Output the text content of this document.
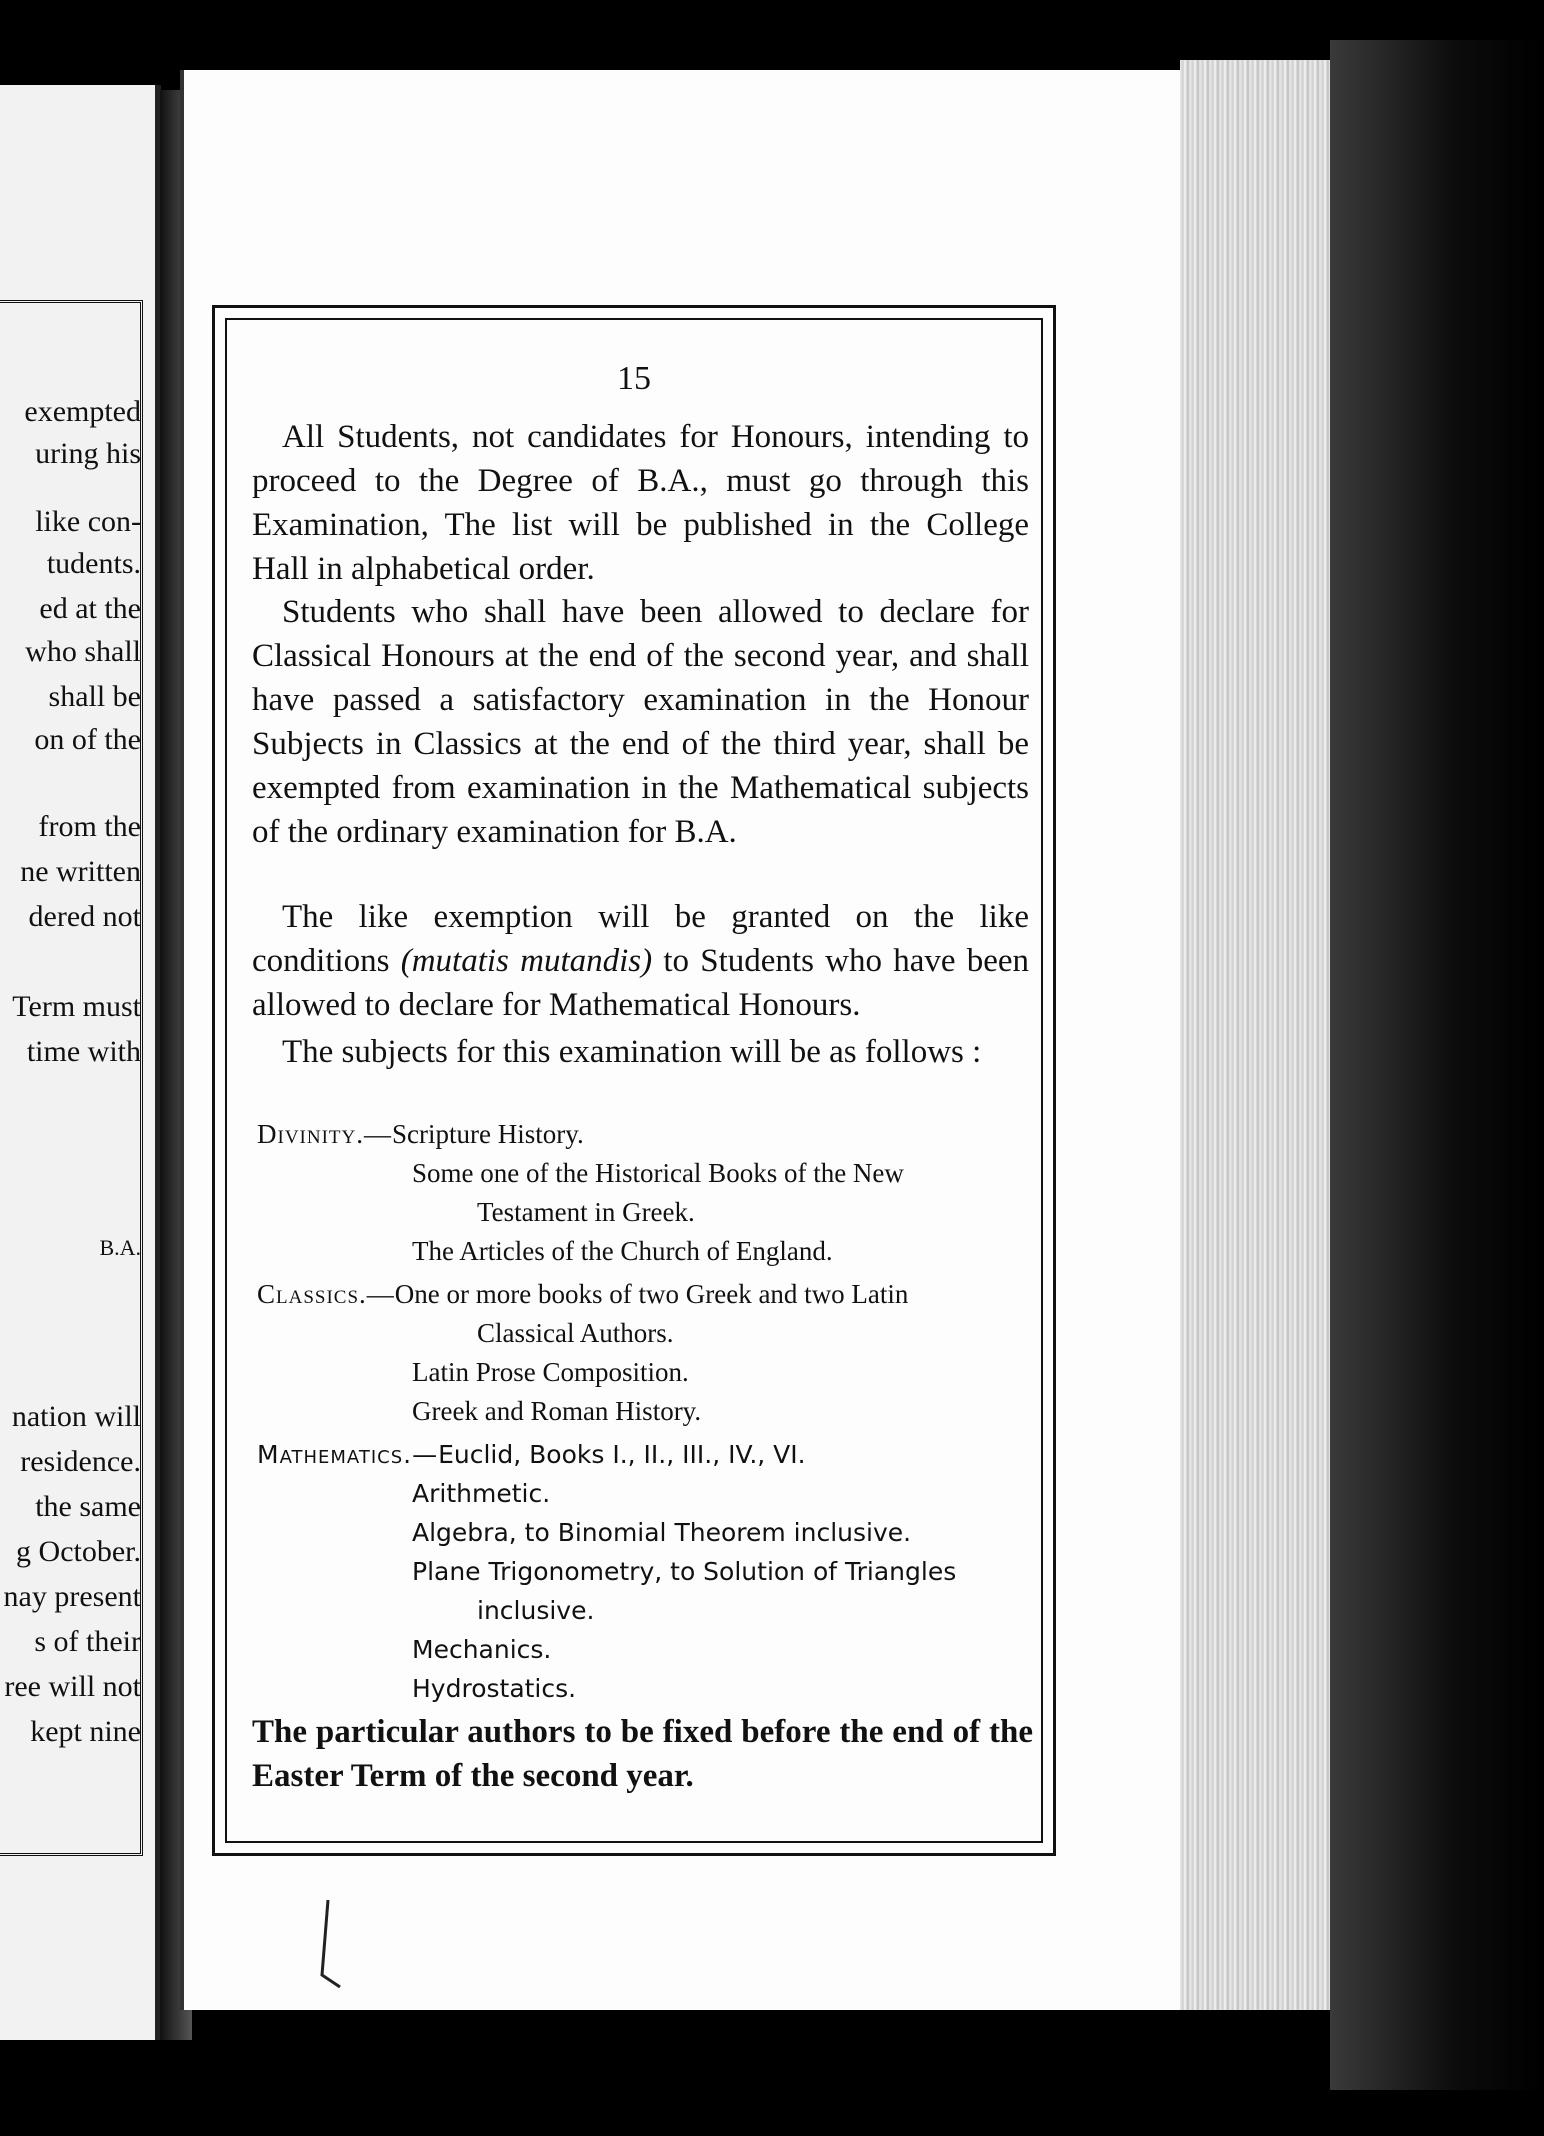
exempted
uring his
like con-
tudents.
ed at the
who shall
shall be
on of the
from the
ne written
dered not
Term must
time with
B.A.
nation will
residence.
the same
g October.
nay present
s of their
ree will not
kept nine
15
All Students, not candidates for Honours, intending to proceed to the Degree of B.A., must go through this Examination, The list will be published in the College Hall in alphabetical order.
Students who shall have been allowed to declare for Classical Honours at the end of the second year, and shall have passed a satisfactory examination in the Honour Subjects in Classics at the end of the third year, shall be exempted from examination in the Mathematical subjects of the ordinary examination for B.A.
The like exemption will be granted on the like conditions (mutatis mutandis) to Students who have been allowed to declare for Mathematical Honours.
The subjects for this examination will be as follows :
Divinity.—Scripture History.
Some one of the Historical Books of the New
Testament in Greek.
The Articles of the Church of England.
Classics.—One or more books of two Greek and two Latin
Classical Authors.
Latin Prose Composition.
Greek and Roman History.
Mathematics.—Euclid, Books I., II., III., IV., VI.
Arithmetic.
Algebra, to Binomial Theorem inclusive.
Plane Trigonometry, to Solution of Triangles
inclusive.
Mechanics.
Hydrostatics.
The particular authors to be fixed before the end of the Easter Term of the second year.
